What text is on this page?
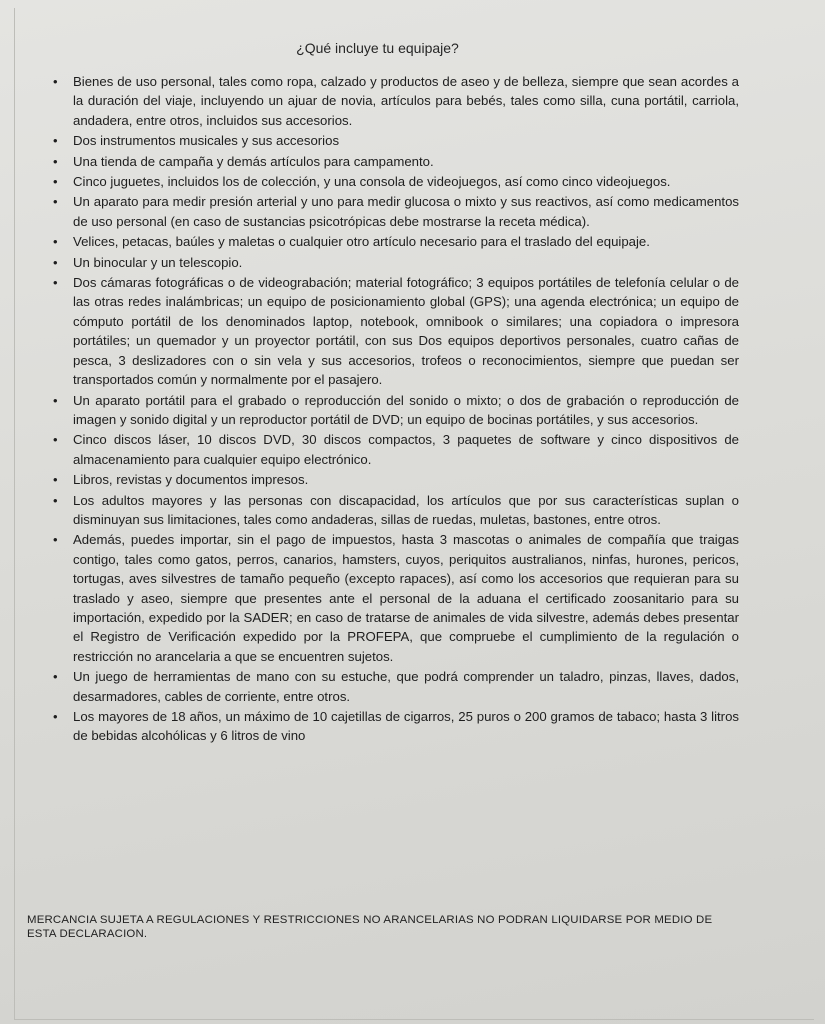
¿Qué incluye tu equipaje?
• Bienes de uso personal, tales como ropa, calzado y productos de aseo y de belleza, siempre que sean acordes a la duración del viaje, incluyendo un ajuar de novia, artículos para bebés, tales como silla, cuna portátil, carriola, andadera, entre otros, incluidos sus accesorios.
• Dos instrumentos musicales y sus accesorios
• Una tienda de campaña y demás artículos para campamento.
• Cinco juguetes, incluidos los de colección, y una consola de videojuegos, así como cinco videojuegos.
• Un aparato para medir presión arterial y uno para medir glucosa o mixto y sus reactivos, así como medicamentos de uso personal (en caso de sustancias psicotrópicas debe mostrarse la receta médica).
• Velices, petacas, baúles y maletas o cualquier otro artículo necesario para el traslado del equipaje.
• Un binocular y un telescopio.
• Dos cámaras fotográficas o de videograbación; material fotográfico; 3 equipos portátiles de telefonía celular o de las otras redes inalámbricas; un equipo de posicionamiento global (GPS); una agenda electrónica; un equipo de cómputo portátil de los denominados laptop, notebook, omnibook o similares; una copiadora o impresora portátiles; un quemador y un proyector portátil, con sus Dos equipos deportivos personales, cuatro cañas de pesca, 3 deslizadores con o sin vela y sus accesorios, trofeos o reconocimientos, siempre que puedan ser transportados común y normalmente por el pasajero.
• Un aparato portátil para el grabado o reproducción del sonido o mixto; o dos de grabación o reproducción de imagen y sonido digital y un reproductor portátil de DVD; un equipo de bocinas portátiles, y sus accesorios.
• Cinco discos láser, 10 discos DVD, 30 discos compactos, 3 paquetes de software y cinco dispositivos de almacenamiento para cualquier equipo electrónico.
• Libros, revistas y documentos impresos.
• Los adultos mayores y las personas con discapacidad, los artículos que por sus características suplan o disminuyan sus limitaciones, tales como andaderas, sillas de ruedas, muletas, bastones, entre otros.
• Además, puedes importar, sin el pago de impuestos, hasta 3 mascotas o animales de compañía que traigas contigo, tales como gatos, perros, canarios, hamsters, cuyos, periquitos australianos, ninfas, hurones, pericos, tortugas, aves silvestres de tamaño pequeño (excepto rapaces), así como los accesorios que requieran para su traslado y aseo, siempre que presentes ante el personal de la aduana el certificado zoosanitario para su importación, expedido por la SADER; en caso de tratarse de animales de vida silvestre, además debes presentar el Registro de Verificación expedido por la PROFEPA, que compruebe el cumplimiento de la regulación o restricción no arancelaria a que se encuentren sujetos.
• Un juego de herramientas de mano con su estuche, que podrá comprender un taladro, pinzas, llaves, dados, desarmadores, cables de corriente, entre otros.
• Los mayores de 18 años, un máximo de 10 cajetillas de cigarros, 25 puros o 200 gramos de tabaco; hasta 3 litros de bebidas alcohólicas y 6 litros de vino
MERCANCIA SUJETA A REGULACIONES Y RESTRICCIONES NO ARANCELARIAS NO PODRAN LIQUIDARSE POR MEDIO DE ESTA DECLARACION.
